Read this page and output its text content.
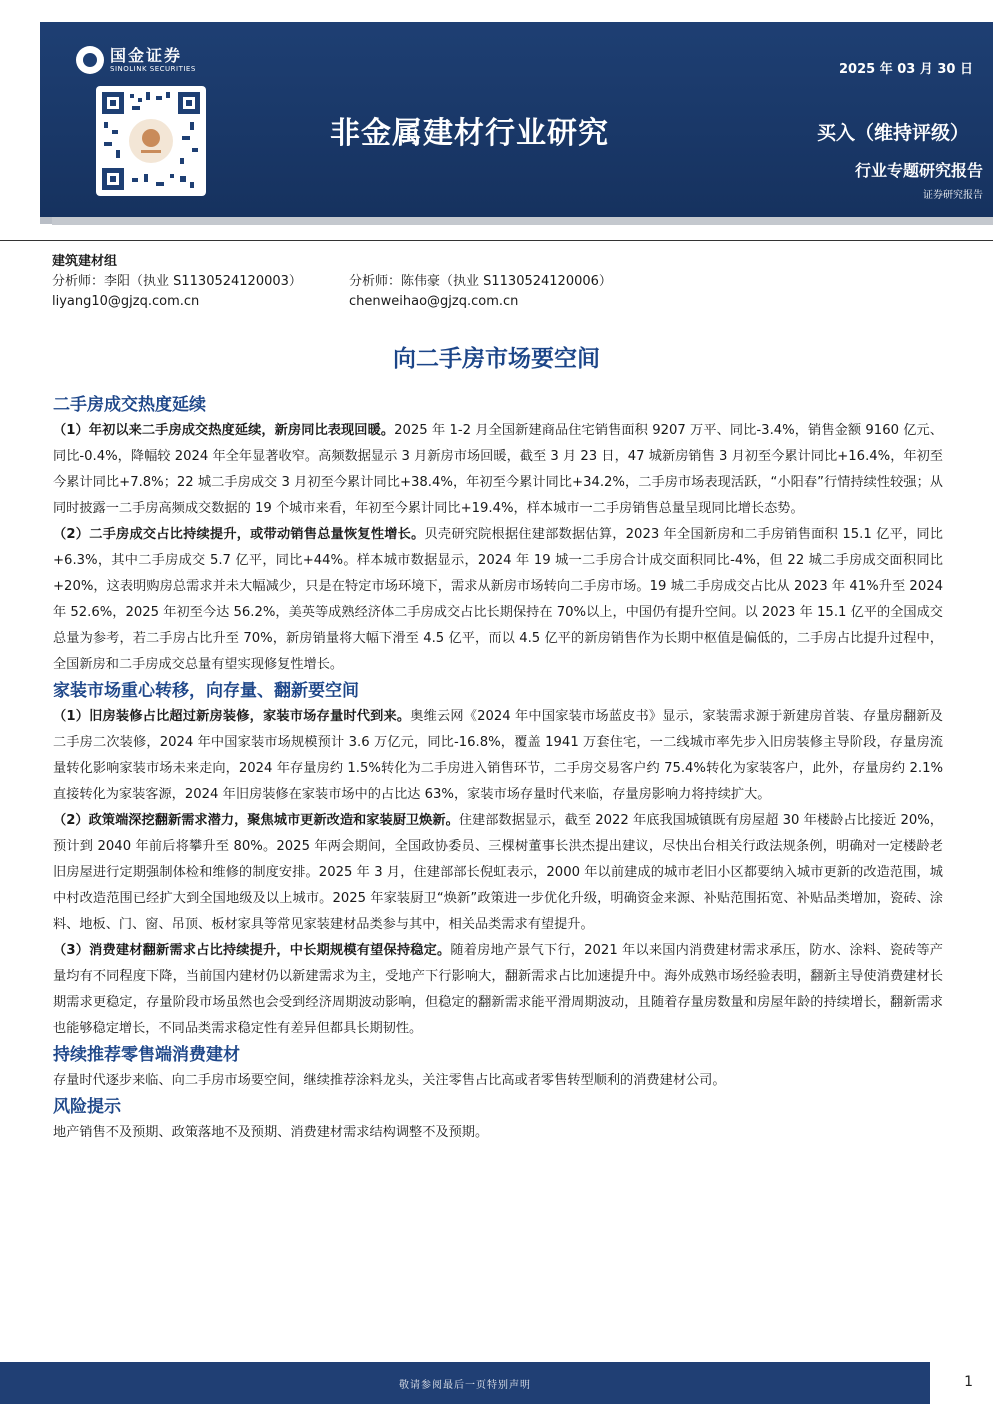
国金证券
SINOLINK SECURITIES	2025 年 03 月 30 日
非金属建材行业研究	买入（维持评级）
行业专题研究报告
证券研究报告
建筑建材组
分析师：李阳（执业 S1130524120003）	分析师：陈伟豪（执业 S1130524120006）
liyang10@gjzq.com.cn	chenweihao@gjzq.com.cn
向二手房市场要空间
二手房成交热度延续

（1）年初以来二手房成交热度延续，新房同比表现回暖。2025 年 1-2 月全国新建商品住宅销售面积 9207 万平、同比-3.4%，销售金额 9160 亿元、同比-0.4%，降幅较 2024 年全年显著收窄。高频数据显示 3 月新房市场回暖，截至 3 月 23 日，47 城新房销售 3 月初至今累计同比+16.4%，年初至今累计同比+7.8%；22 城二手房成交 3 月初至今累计同比+38.4%，年初至今累计同比+34.2%，二手房市场表现活跃，“小阳春”行情持续性较强；从同时披露一二手房高频成交数据的 19 个城市来看，年初至今累计同比+19.4%，样本城市一二手房销售总量呈现同比增长态势。

（2）二手房成交占比持续提升，或带动销售总量恢复性增长。贝壳研究院根据住建部数据估算，2023 年全国新房和二手房销售面积 15.1 亿平，同比+6.3%，其中二手房成交 5.7 亿平，同比+44%。样本城市数据显示，2024 年 19 城一二手房合计成交面积同比-4%，但 22 城二手房成交面积同比+20%，这表明购房总需求并未大幅减少，只是在特定市场环境下，需求从新房市场转向二手房市场。19 城二手房成交占比从 2023 年 41%升至 2024 年 52.6%，2025 年初至今达 56.2%，美英等成熟经济体二手房成交占比长期保持在 70%以上，中国仍有提升空间。以 2023 年 15.1 亿平的全国成交总量为参考，若二手房占比升至 70%，新房销量将大幅下滑至 4.5 亿平，而以 4.5 亿平的新房销售作为长期中枢值是偏低的，二手房占比提升过程中，全国新房和二手房成交总量有望实现修复性增长。

家装市场重心转移，向存量、翻新要空间

（1）旧房装修占比超过新房装修，家装市场存量时代到来。奥维云网《2024 年中国家装市场蓝皮书》显示，家装需求源于新建房首装、存量房翻新及二手房二次装修，2024 年中国家装市场规模预计 3.6 万亿元，同比-16.8%，覆盖 1941 万套住宅，一二线城市率先步入旧房装修主导阶段，存量房流量转化影响家装市场未来走向，2024 年存量房约 1.5%转化为二手房进入销售环节，二手房交易客户约 75.4%转化为家装客户，此外，存量房约 2.1%直接转化为家装客源，2024 年旧房装修在家装市场中的占比达 63%，家装市场存量时代来临，存量房影响力将持续扩大。

（2）政策端深挖翻新需求潜力，聚焦城市更新改造和家装厨卫焕新。住建部数据显示，截至 2022 年底我国城镇既有房屋超 30 年楼龄占比接近 20%，预计到 2040 年前后将攀升至 80%。2025 年两会期间，全国政协委员、三棵树董事长洪杰提出建议，尽快出台相关行政法规条例，明确对一定楼龄老旧房屋进行定期强制体检和维修的制度安排。2025 年 3 月，住建部部长倪虹表示，2000 年以前建成的城市老旧小区都要纳入城市更新的改造范围，城中村改造范围已经扩大到全国地级及以上城市。2025 年家装厨卫“焕新”政策进一步优化升级，明确资金来源、补贴范围拓宽、补贴品类增加，瓷砖、涂料、地板、门、窗、吊顶、板材家具等常见家装建材品类参与其中，相关品类需求有望提升。

（3）消费建材翻新需求占比持续提升，中长期规模有望保持稳定。随着房地产景气下行，2021 年以来国内消费建材需求承压，防水、涂料、瓷砖等产量均有不同程度下降，当前国内建材仍以新建需求为主，受地产下行影响大，翻新需求占比加速提升中。海外成熟市场经验表明，翻新主导使消费建材长期需求更稳定，存量阶段市场虽然也会受到经济周期波动影响，但稳定的翻新需求能平滑周期波动，且随着存量房数量和房屋年龄的持续增长，翻新需求也能够稳定增长，不同品类需求稳定性有差异但都具长期韧性。

持续推荐零售端消费建材

存量时代逐步来临、向二手房市场要空间，继续推荐涂料龙头，关注零售占比高或者零售转型顺利的消费建材公司。

风险提示

地产销售不及预期、政策落地不及预期、消费建材需求结构调整不及预期。

敬请参阅最后一页特别声明	1
